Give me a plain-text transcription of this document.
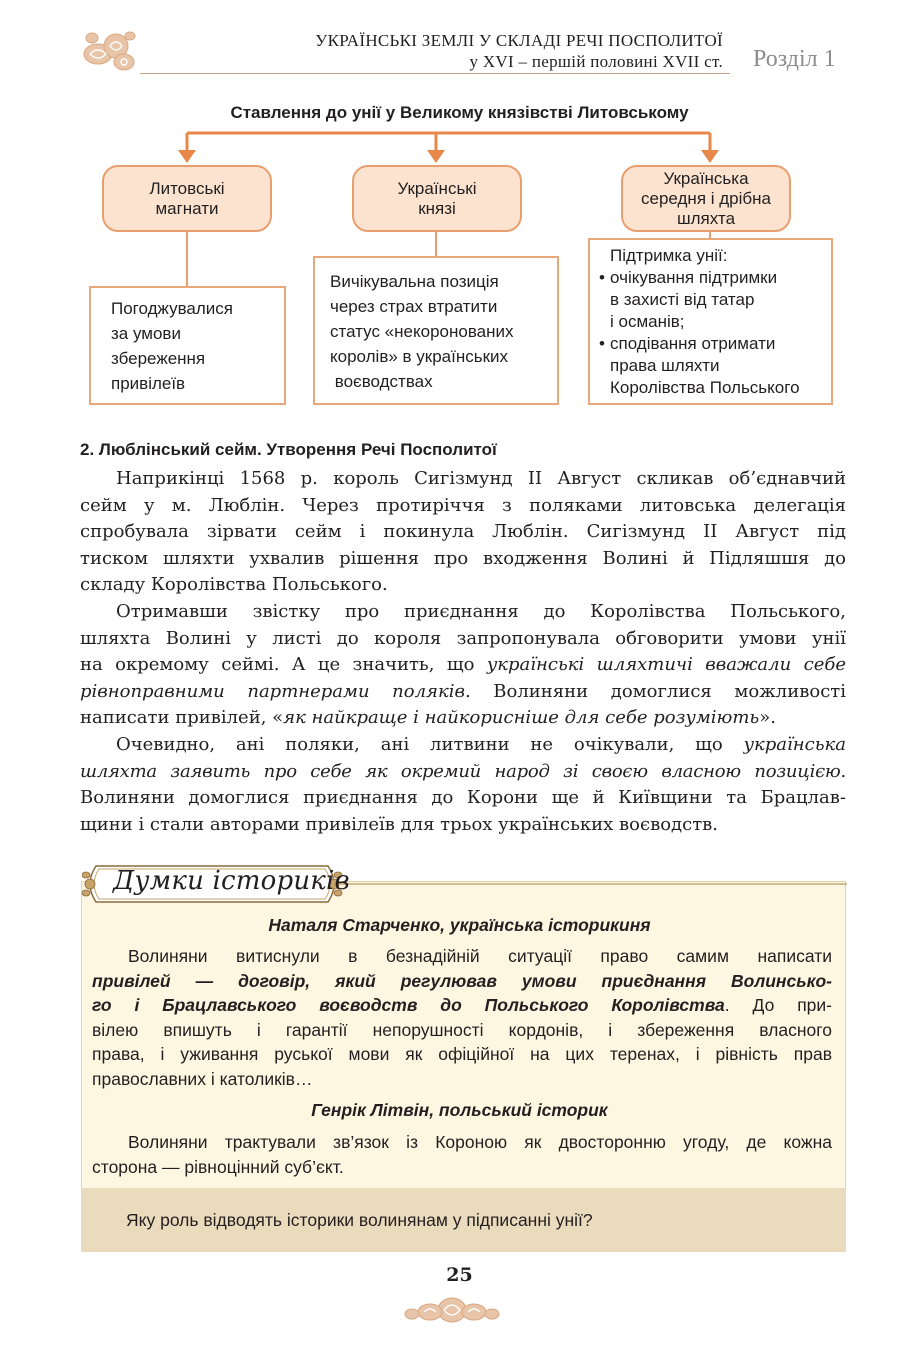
УКРАЇНСЬКІ ЗЕМЛІ У СКЛАДІ РЕЧІ ПОСПОЛИТОЇ
у XVI – першій половині XVII ст. Розділ 1
Ставлення до унії у Великому князівстві Литовському
Литовські
магнати
Українські
князі
Українська
середня і дрібна
шляхта
Погоджувалися
за умови
збереження
привілеїв
Вичікувальна позиція
через страх втратити
статус «некоронованих
королів» в українських
воєводствах
Підтримка унії:
• очікування підтримки
в захисті від татар
і османів;
• сподівання отримати
права шляхти
Королівства Польського
2. Люблінський сейм. Утворення Речі Посполитої
Наприкінці 1568 р. король Сигізмунд ІІ Август скликав об’єднавчий
сейм у м. Люблін. Через протиріччя з поляками литовська делегація
спробувала зірвати сейм і покинула Люблін. Сигізмунд ІІ Август під
тиском шляхти ухвалив рішення про входження Волині й Підляшшя до
складу Королівства Польського.
Отримавши звістку про приєднання до Королівства Польського,
шляхта Волині у листі до короля запропонувала обговорити умови унії
на окремому сеймі. А це значить, що українські шляхтичі вважали себе
рівноправними партнерами поляків. Волиняни домоглися можливості
написати привілей, «як найкраще і найкорисніше для себе розуміють».
Очевидно, ані поляки, ані литвини не очікували, що українська
шляхта заявить про себе як окремий народ зі своєю власною позицією.
Волиняни домоглися приєднання до Корони ще й Київщини та Брацлав-
щини і стали авторами привілеїв для трьох українських воєводств.
Думки істориків
Наталя Старченко, українська історикиня
Волиняни витиснули в безнадійній ситуації право самим написати
привілей — договір, який регулював умови приєднання Волинсько-
го і Брацлавського воєводств до Польського Королівства. До при-
вілею впишуть і гарантії непорушності кордонів, і збереження власного
права, і уживання руської мови як офіційної на цих теренах, і рівність прав
православних і католиків…
Генрік Літвін, польський історик
Волиняни трактували зв’язок із Короною як двосторонню угоду, де кожна
сторона — рівноцінний суб’єкт.
Яку роль відводять історики волинянам у підписанні унії?
25
